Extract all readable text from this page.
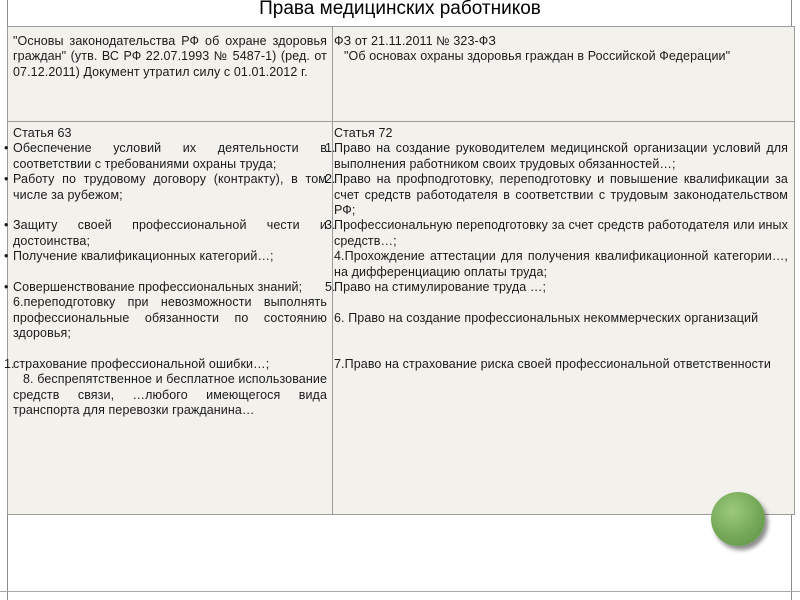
Права медицинских работников

"Основы законодательства РФ об охране здоровья граждан" (утв. ВС РФ 22.07.1993 № 5487-1) (ред. от 07.12.2011) Документ утратил силу с 01.01.2012 г.

ФЗ от 21.11.2011 № 323-ФЗ

"Об основах охраны здоровья граждан в Российской Федерации"

Статья 63

• Обеспечение условий их деятельности в соответствии с требованиями охраны труда;

• Работу по трудовому договору (контракту), в том числе за рубежом;

• Защиту своей профессиональной чести и достоинства;

• Получение квалификационных категорий…;

• Совершенствование профессиональных знаний;

6.переподготовку при невозможности выполнять профессиональные обязанности по состоянию здоровья;

1.
страхование профессиональной ошибки…;

8. беспрепятственное и бесплатное использование средств связи, …любого имеющегося вида транспорта для перевозки гражданина…

Статья 72

1.
Право на создание руководителем медицинской организации условий для выполнения работником своих трудовых обязанностей…;

2.
Право на профподготовку, переподготовку и повышение квалификации за счет средств работодателя в соответствии с трудовым законодательством РФ;

3.
Профессиональную переподготовку за счет средств работодателя или иных средств…;

4.Прохождение аттестации для получения квалификационной категории…, на дифференциацию оплаты труда;

5.
Право на стимулирование труда …;

6. Право на создание профессиональных некоммерческих организаций

7.Право на страхование риска своей профессиональной ответственности
